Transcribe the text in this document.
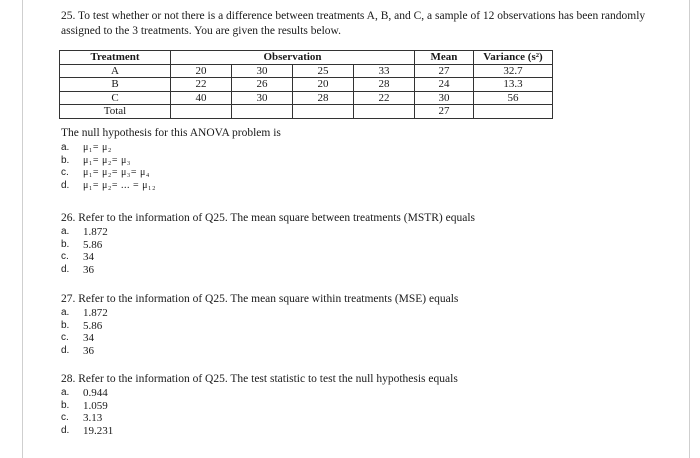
25. To test whether or not there is a difference between treatments A, B, and C, a sample of 12 observations has been randomly assigned to the 3 treatments. You are given the results below.
Treatment	Observation				Mean	Variance (s²)
A	20	30	25	33	27	32.7
B	22	26	20	28	24	13.3
C	40	30	28	22	30	56
Total					27	
The null hypothesis for this ANOVA problem is
a.	μ₁= μ₂
b.	μ₁= μ₂= μ₃
c.	μ₁= μ₂= μ₃= μ₄
d.	μ₁= μ₂= ... = μ₁₂
26. Refer to the information of Q25. The mean square between treatments (MSTR) equals
a.	1.872
b.	5.86
c.	34
d.	36
27. Refer to the information of Q25. The mean square within treatments (MSE) equals
a.	1.872
b.	5.86
c.	34
d.	36
28. Refer to the information of Q25. The test statistic to test the null hypothesis equals
a.	0.944
b.	1.059
c.	3.13
d.	19.231
